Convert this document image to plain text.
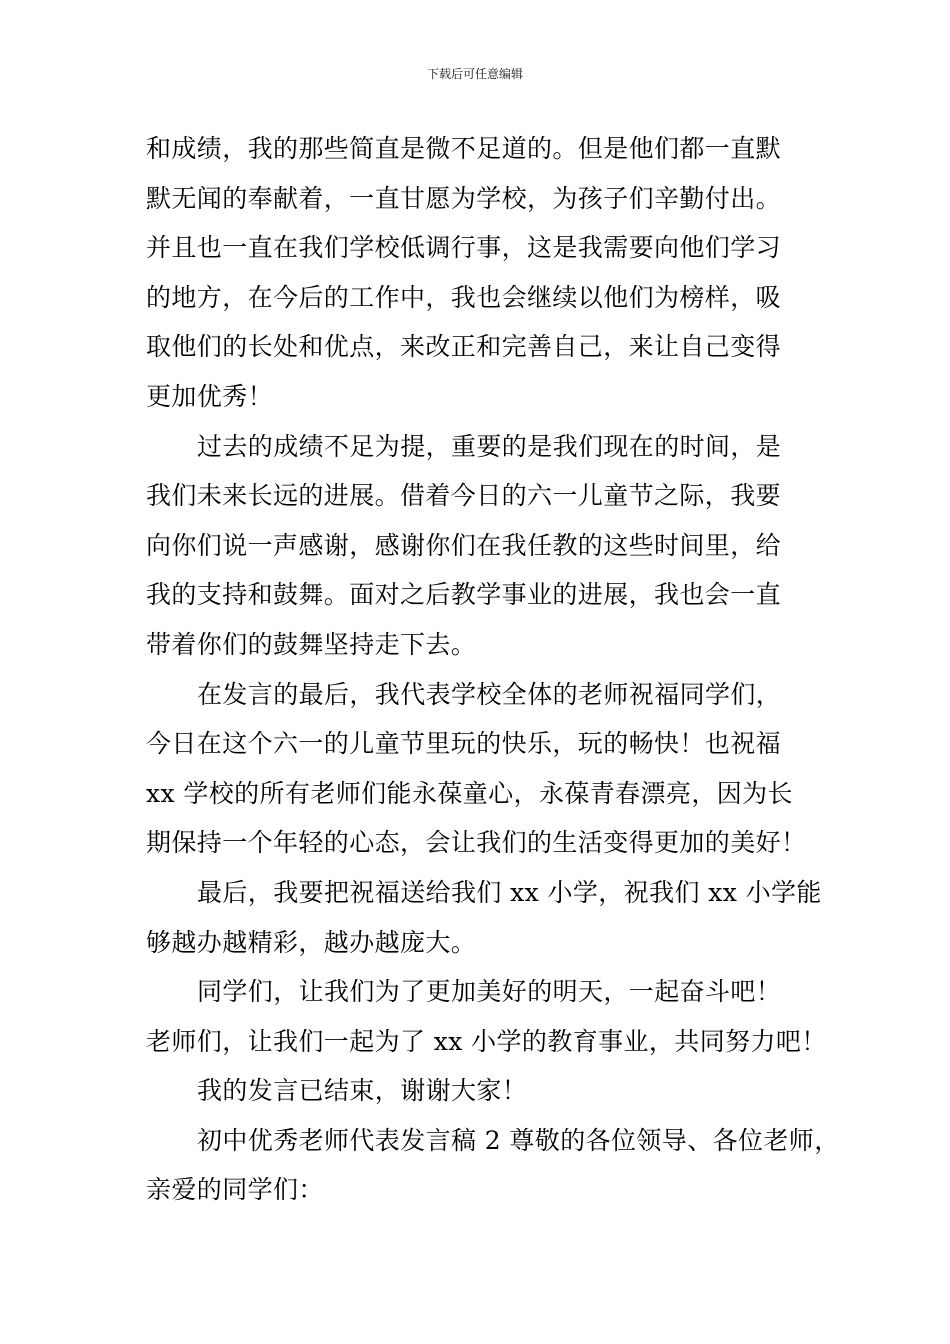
下载后可任意编辑
和成绩，我的那些简直是微不足道的。但是他们都一直默
默无闻的奉献着，一直甘愿为学校，为孩子们辛勤付出。
并且也一直在我们学校低调行事，这是我需要向他们学习
的地方，在今后的工作中，我也会继续以他们为榜样，吸
取他们的长处和优点，来改正和完善自己，来让自己变得
更加优秀！
过去的成绩不足为提，重要的是我们现在的时间，是
我们未来长远的进展。借着今日的六一儿童节之际，我要
向你们说一声感谢，感谢你们在我任教的这些时间里，给
我的支持和鼓舞。面对之后教学事业的进展，我也会一直
带着你们的鼓舞坚持走下去。
在发言的最后，我代表学校全体的老师祝福同学们，
今日在这个六一的儿童节里玩的快乐，玩的畅快！也祝福
xx 学校的所有老师们能永葆童心，永葆青春漂亮，因为长
期保持一个年轻的心态，会让我们的生活变得更加的美好！
最后，我要把祝福送给我们 xx 小学，祝我们 xx 小学能
够越办越精彩，越办越庞大。
同学们，让我们为了更加美好的明天，一起奋斗吧！
老师们，让我们一起为了 xx 小学的教育事业，共同努力吧！
我的发言已结束，谢谢大家！
初中优秀老师代表发言稿 2 尊敬的各位领导、各位老师，
亲爱的同学们：
